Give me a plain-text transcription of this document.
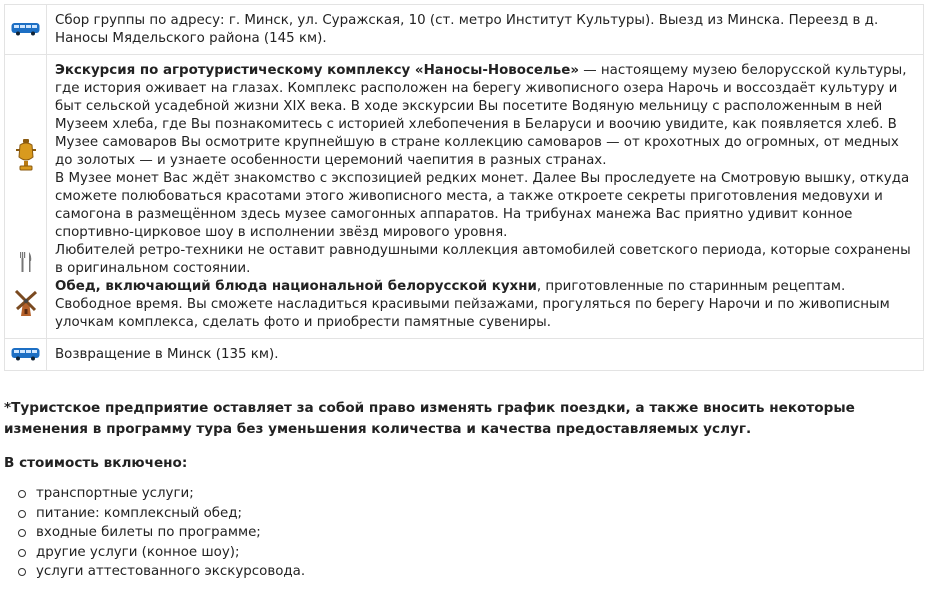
	Сбор группы по адресу: г. Минск, ул. Суражская, 10 (ст. метро Институт Культуры). Выезд из Минска. Переезд в д. Наносы Мядельского района (145 км).

Экскурсия по агротуристическому комплексу «Наносы-Новоселье» — настоящему музею белорусской культуры, где история оживает на глазах. Комплекс расположен на берегу живописного озера Нарочь и воссоздаёт культуру и быт сельской усадебной жизни XIX века. В ходе экскурсии Вы посетите Водяную мельницу с расположенным в ней Музеем хлеба, где Вы познакомитесь с историей хлебопечения в Беларуси и воочию увидите, как появляется хлеб. В Музее самоваров Вы осмотрите крупнейшую в стране коллекцию самоваров — от крохотных до огромных, от медных до золотых — и узнаете особенности церемоний чаепития в разных странах.
В Музее монет Вас ждёт знакомство с экспозицией редких монет. Далее Вы проследуете на Смотровую вышку, откуда сможете полюбоваться красотами этого живописного места, а также откроете секреты приготовления медовухи и самогона в размещённом здесь музее самогонных аппаратов. На трибунах манежа Вас приятно удивит конное спортивно-цирковое шоу в исполнении звёзд мирового уровня.
Любителей ретро-техники не оставит равнодушными коллекция автомобилей советского периода, которые сохранены в оригинальном состоянии.
Обед, включающий блюда национальной белорусской кухни, приготовленные по старинным рецептам.
Свободное время. Вы сможете насладиться красивыми пейзажами, прогуляться по берегу Нарочи и по живописным улочкам комплекса, сделать фото и приобрести памятные сувениры.

	Возвращение в Минск (135 км).

*Туристское предприятие оставляет за собой право изменять график поездки, а также вносить некоторые изменения в программу тура без уменьшения количества и качества предоставляемых услуг.

В стоимость включено:
транспортные услуги;
питание: комплексный обед;
входные билеты по программе;
другие услуги (конное шоу);
услуги аттестованного экскурсовода.
